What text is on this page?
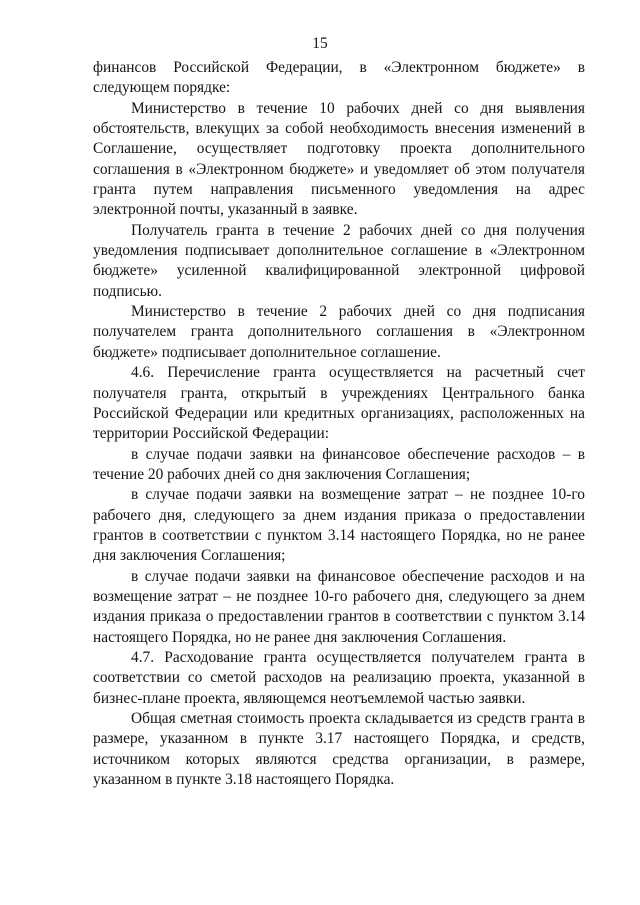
15

финансов Российской Федерации, в «Электронном бюджете» в следующем порядке:

Министерство в течение 10 рабочих дней со дня выявления обстоятельств, влекущих за собой необходимость внесения изменений в Соглашение, осуществляет подготовку проекта дополнительного соглашения в «Электронном бюджете» и уведомляет об этом получателя гранта путем направления письменного уведомления на адрес электронной почты, указанный в заявке.

Получатель гранта в течение 2 рабочих дней со дня получения уведомления подписывает дополнительное соглашение в «Электронном бюджете» усиленной квалифицированной электронной цифровой подписью.

Министерство в течение 2 рабочих дней со дня подписания получателем гранта дополнительного соглашения в «Электронном бюджете» подписывает дополнительное соглашение.

4.6. Перечисление гранта осуществляется на расчетный счет получателя гранта, открытый в учреждениях Центрального банка Российской Федерации или кредитных организациях, расположенных на территории Российской Федерации:

в случае подачи заявки на финансовое обеспечение расходов – в течение 20 рабочих дней со дня заключения Соглашения;

в случае подачи заявки на возмещение затрат – не позднее 10-го рабочего дня, следующего за днем издания приказа о предоставлении грантов в соответствии с пунктом 3.14 настоящего Порядка, но не ранее дня заключения Соглашения;

в случае подачи заявки на финансовое обеспечение расходов и на возмещение затрат – не позднее 10-го рабочего дня, следующего за днем издания приказа о предоставлении грантов в соответствии с пунктом 3.14 настоящего Порядка, но не ранее дня заключения Соглашения.

4.7. Расходование гранта осуществляется получателем гранта в соответствии со сметой расходов на реализацию проекта, указанной в бизнес-плане проекта, являющемся неотъемлемой частью заявки.

Общая сметная стоимость проекта складывается из средств гранта в размере, указанном в пункте 3.17 настоящего Порядка, и средств, источником которых являются средства организации, в размере, указанном в пункте 3.18 настоящего Порядка.
